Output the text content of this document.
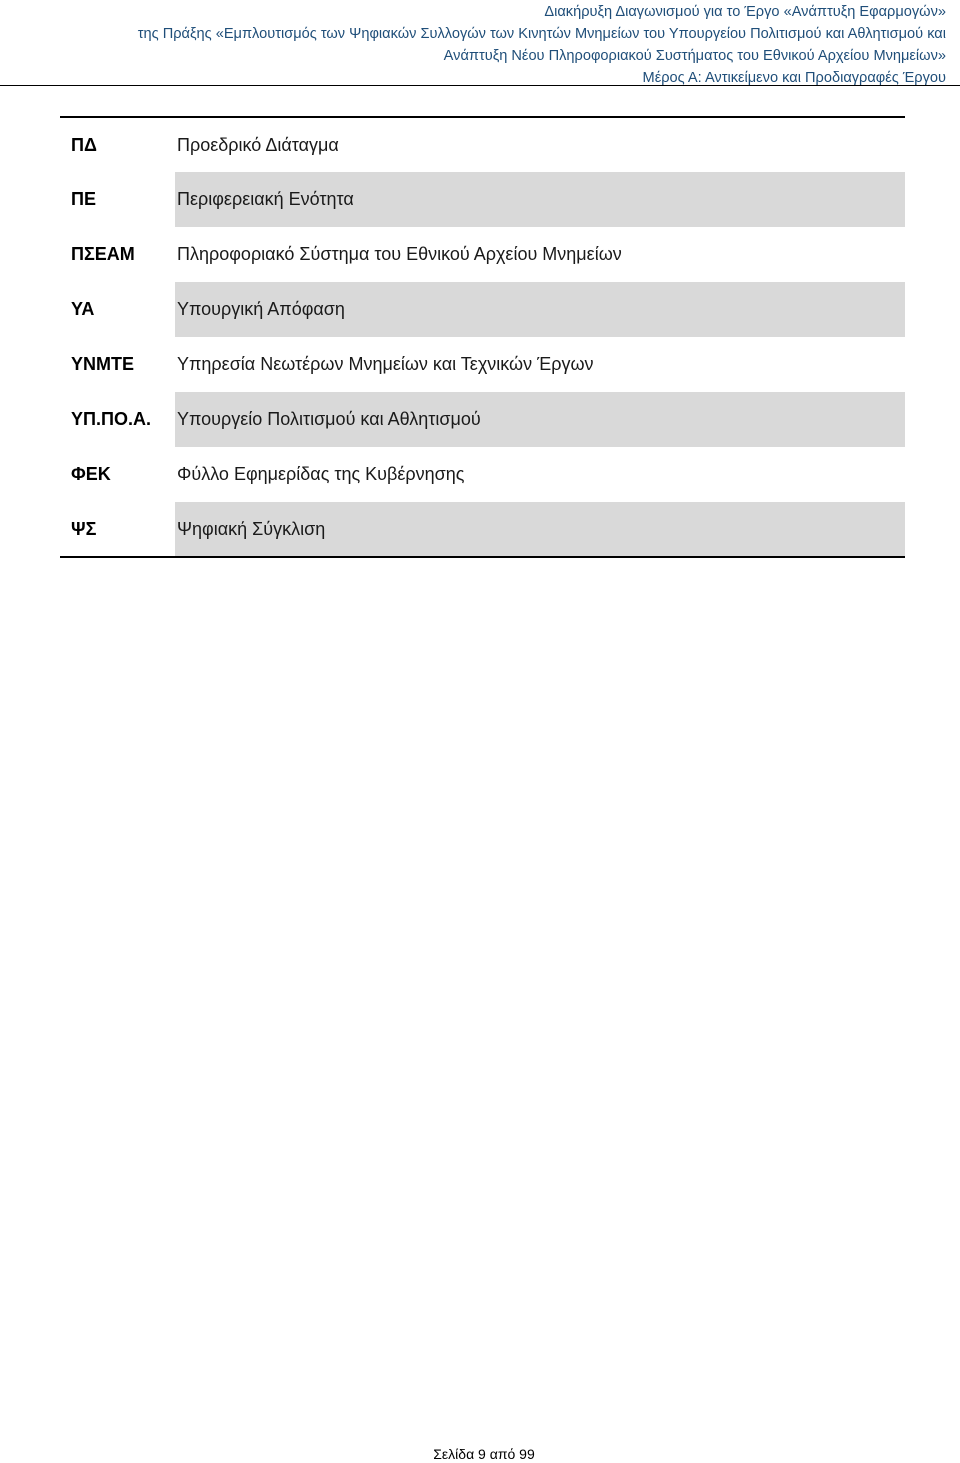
Διακήρυξη Διαγωνισμού για το Έργο «Ανάπτυξη Εφαρμογών»
της Πράξης «Εμπλουτισμός των Ψηφιακών Συλλογών των Κινητών Μνημείων του Υπουργείου Πολιτισμού και Αθλητισμού και
Ανάπτυξη Νέου Πληροφοριακού Συστήματος του Εθνικού Αρχείου Μνημείων»
Μέρος Α: Αντικείμενο και Προδιαγραφές Έργου
ΠΔ	Προεδρικό Διάταγμα
ΠΕ	Περιφερειακή Ενότητα
ΠΣΕΑΜ	Πληροφοριακό Σύστημα του Εθνικού Αρχείου Μνημείων
ΥΑ	Υπουργική Απόφαση
ΥΝΜΤΕ	Υπηρεσία Νεωτέρων Μνημείων και Τεχνικών Έργων
ΥΠ.ΠΟ.Α.	Υπουργείο Πολιτισμού και Αθλητισμού
ΦΕΚ	Φύλλο Εφημερίδας της Κυβέρνησης
ΨΣ	Ψηφιακή Σύγκλιση
Σελίδα 9 από 99
